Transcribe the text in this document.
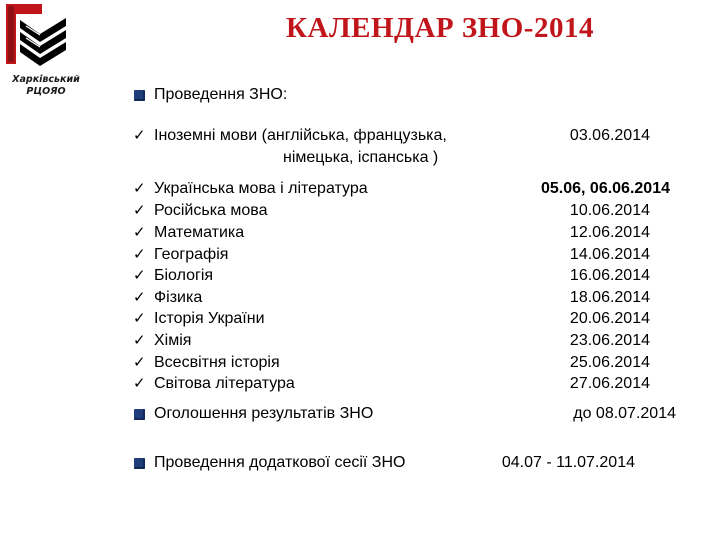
Харківський
РЦОЯО
КАЛЕНДАР ЗНО-2014
Проведення ЗНО:
✓ Іноземні мови (англійська, французька,
німецька, іспанська )
03.06.2014
✓ Українська мова і література	05.06, 06.06.2014
✓ Російська мова	10.06.2014
✓ Математика	12.06.2014
✓ Географія	14.06.2014
✓ Біологія	16.06.2014
✓ Фізика	18.06.2014
✓ Історія України	20.06.2014
✓ Хімія	23.06.2014
✓ Всесвітня історія	25.06.2014
✓ Світова література	27.06.2014
Оголошення результатів ЗНО	до 08.07.2014
Проведення додаткової сесії ЗНО	04.07 - 11.07.2014
